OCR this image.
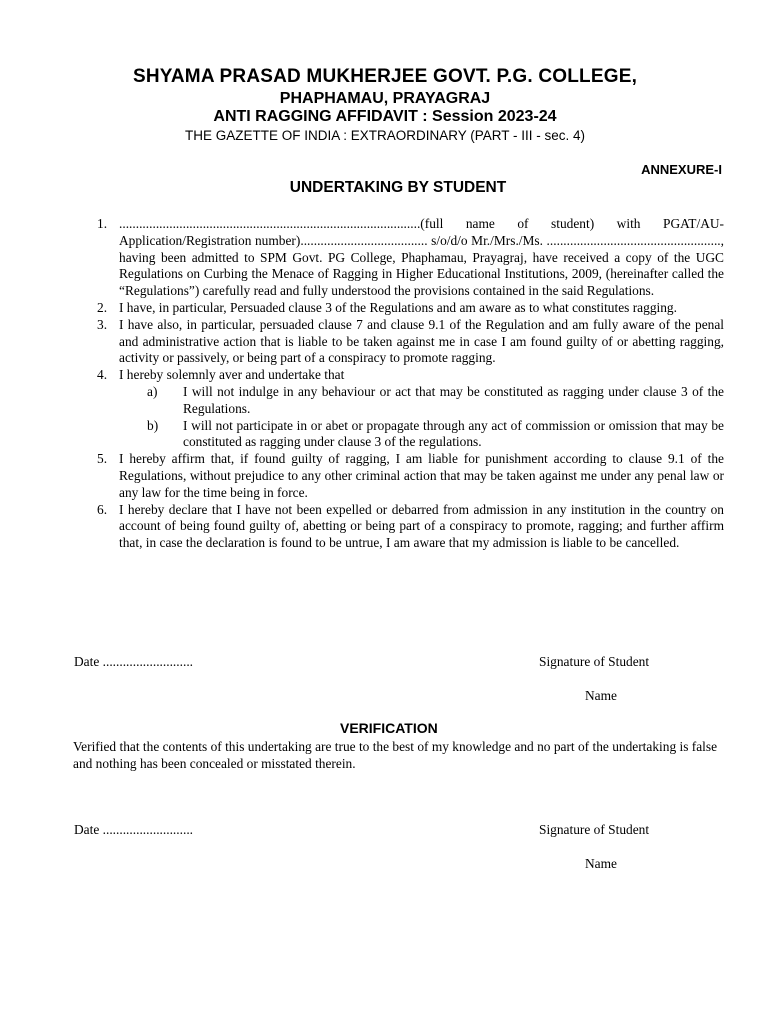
SHYAMA PRASAD MUKHERJEE GOVT. P.G. COLLEGE,
PHAPHAMAU, PRAYAGRAJ
ANTI RAGGING AFFIDAVIT : Session 2023-24
THE GAZETTE OF INDIA : EXTRAORDINARY (PART - III - sec. 4)
ANNEXURE-I
UNDERTAKING BY STUDENT
1. ..........................................................................................(full name of student) with PGAT/AU-Application/Registration number)...................................... s/o/d/o Mr./Mrs./Ms. ...................................................., having been admitted to SPM Govt. PG College, Phaphamau, Prayagraj, have received a copy of the UGC Regulations on Curbing the Menace of Ragging in Higher Educational Institutions, 2009, (hereinafter called the “Regulations”) carefully read and fully understood the provisions contained in the said Regulations.
2. I have, in particular, Persuaded clause 3 of the Regulations and am aware as to what constitutes ragging.
3. I have also, in particular, persuaded clause 7 and clause 9.1 of the Regulation and am fully aware of the penal and administrative action that is liable to be taken against me in case I am found guilty of or abetting ragging, activity or passively, or being part of a conspiracy to promote ragging.
4. I hereby solemnly aver and undertake that
a) I will not indulge in any behaviour or act that may be constituted as ragging under clause 3 of the Regulations.
b) I will not participate in or abet or propagate through any act of commission or omission that may be constituted as ragging under clause 3 of the regulations.
5. I hereby affirm that, if found guilty of ragging, I am liable for punishment according to clause 9.1 of the Regulations, without prejudice to any other criminal action that may be taken against me under any penal law or any law for the time being in force.
6. I hereby declare that I have not been expelled or debarred from admission in any institution in the country on account of being found guilty of, abetting or being part of a conspiracy to promote, ragging; and further affirm that, in case the declaration is found to be untrue, I am aware that my admission is liable to be cancelled.
Date ...........................	Signature of Student
Name
VERIFICATION
Verified that the contents of this undertaking are true to the best of my knowledge and no part of the undertaking is false and nothing has been concealed or misstated therein.
Date ...........................	Signature of Student
Name
